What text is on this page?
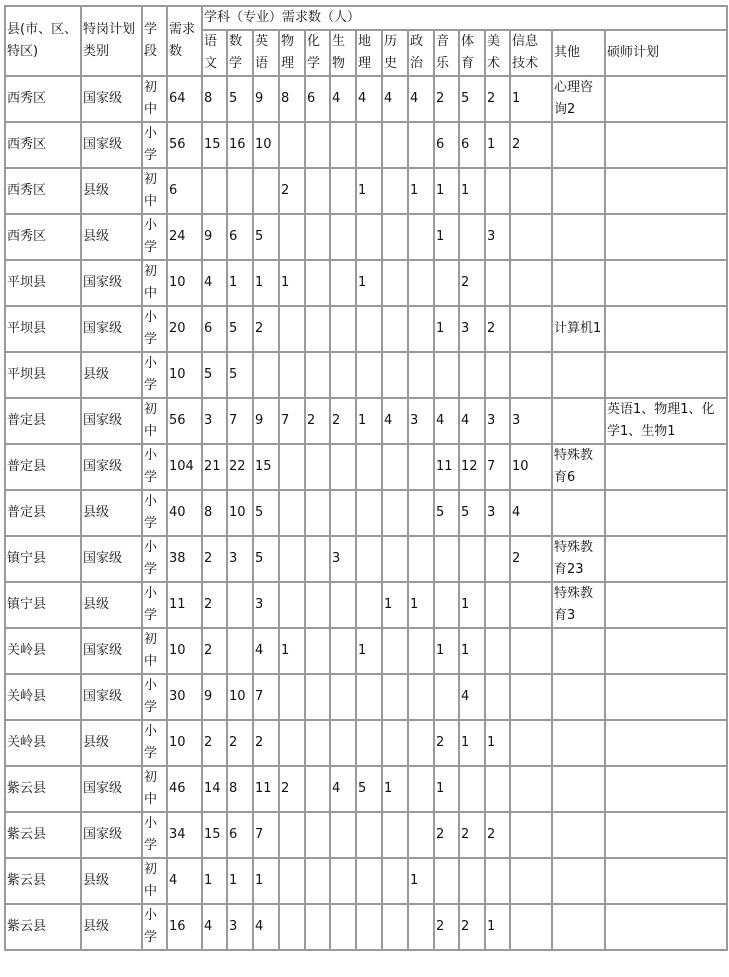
县(市、区、特区)	特岗计划类别	学段	需求数	学科（专业）需求数（人）														
				语文	数学	英语	物理	化学	生物	地理	历史	政治	音乐	体育	美术	信息技术	其他	硕师计划
西秀区	国家级	初中	64	8	5	9	8	6	4	4	4	4	2	5	2	1	心理咨询2	
西秀区	国家级	小学	56	15	16	10							6	6	1	2		
西秀区	县级	初中	6				2			1		1	1	1				
西秀区	县级	小学	24	9	6	5							1		3			
平坝县	国家级	初中	10	4	1	1	1			1				2				
平坝县	国家级	小学	20	6	5	2							1	3	2		计算机1	
平坝县	县级	小学	10	5	5													
普定县	国家级	初中	56	3	7	9	7	2	2	1	4	3	4	4	3	3		英语1、物理1、化学1、生物1
普定县	国家级	小学	104	21	22	15							11	12	7	10	特殊教育6	
普定县	县级	小学	40	8	10	5							5	5	3	4		
镇宁县	国家级	小学	38	2	3	5			3							2	特殊教育23	
镇宁县	县级	小学	11	2		3					1	1		1			特殊教育3	
关岭县	国家级	初中	10	2		4	1			1			1	1				
关岭县	国家级	小学	30	9	10	7								4				
关岭县	县级	小学	10	2	2	2							2	1	1			
紫云县	国家级	初中	46	14	8	11	2		4	5	1		1					
紫云县	国家级	小学	34	15	6	7							2	2	2			
紫云县	县级	初中	4	1	1	1						1						
紫云县	县级	小学	16	4	3	4							2	2	1			
